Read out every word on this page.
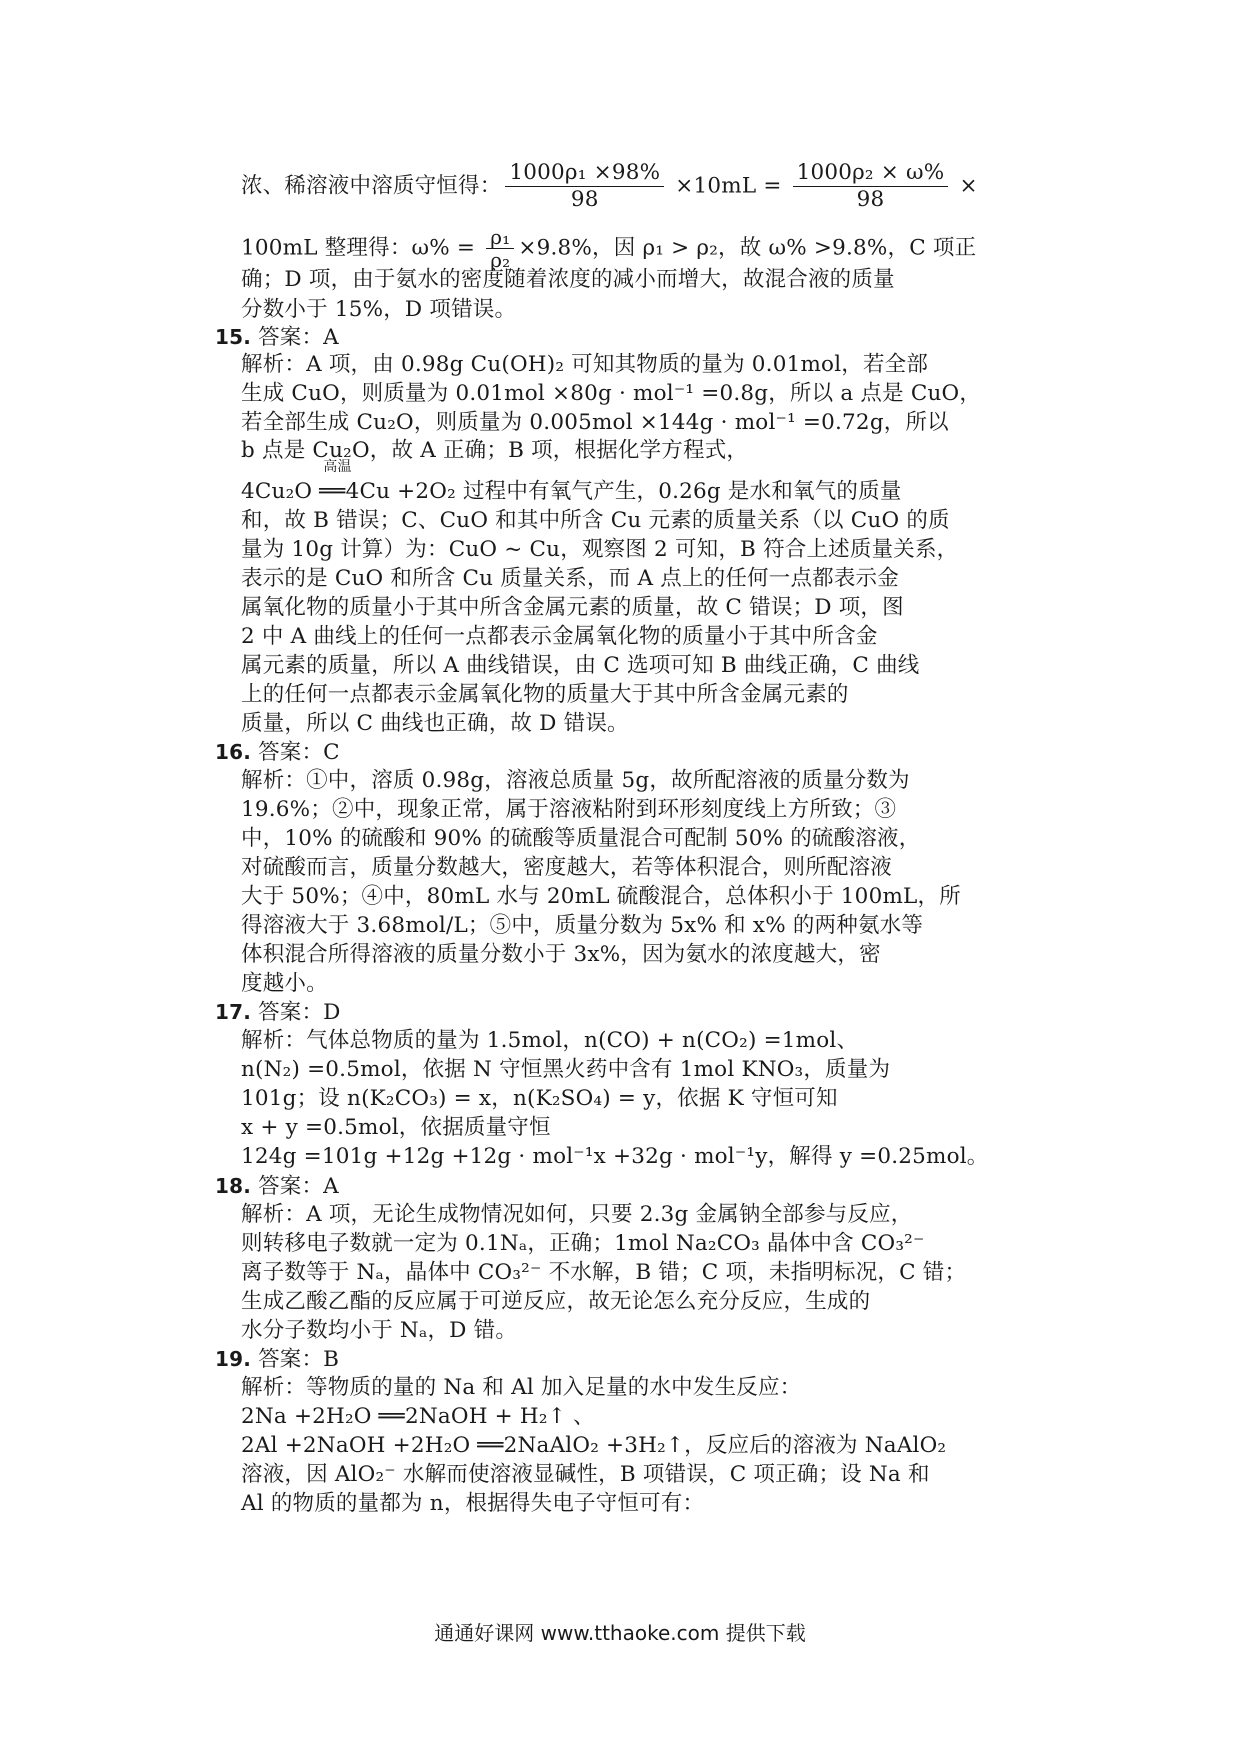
浓、稀溶液中溶质守恒得： $\frac{\text{1000ρ₁ ×98\%}}{98} \times 10mL = \frac{\text{1000ρ₂ × ω\%}}{98}$ ×
100mL 整理得：$\omega\% = \frac{\text{ρ₁}}{\text{ρ₂}} \times 9.8\%$，因 ρ₁ > ρ₂，故 ω% >9.8%，C 项正
确；D 项，由于氨水的密度随着浓度的减小而增大，故混合液的质量
分数小于 15%，D 项错误。
15. 答案：A
解析：A 项，由 0.98g Cu(OH)₂ 可知其物质的量为 0.01mol，若全部
生成 CuO，则质量为 0.01mol ×80g · mol⁻¹ =0.8g，所以 a 点是 CuO，
若全部生成 Cu₂O，则质量为 0.005mol ×144g · mol⁻¹ =0.72g，所以
b 点是 Cu₂O，故 A 正确；B 项，根据化学方程式，
4Cu₂O
高温
══4Cu +2O₂ 过程中有氧气产生，0.26g 是水和氧气的质量
和，故 B 错误；C、CuO 和其中所含 Cu 元素的质量关系（以 CuO 的质
量为 10g 计算）为：CuO ~ Cu，观察图 2 可知，B 符合上述质量关系，
表示的是 CuO 和所含 Cu 质量关系，而 A 点上的任何一点都表示金
属氧化物的质量小于其中所含金属元素的质量，故 C 错误；D 项，图
2 中 A 曲线上的任何一点都表示金属氧化物的质量小于其中所含金
属元素的质量，所以 A 曲线错误，由 C 选项可知 B 曲线正确，C 曲线
上的任何一点都表示金属氧化物的质量大于其中所含金属元素的
质量，所以 C 曲线也正确，故 D 错误。
16. 答案：C
解析：①中，溶质 0.98g，溶液总质量 5g，故所配溶液的质量分数为
19.6%；②中，现象正常，属于溶液粘附到环形刻度线上方所致；③
中，10% 的硫酸和 90% 的硫酸等质量混合可配制 50% 的硫酸溶液，
对硫酸而言，质量分数越大，密度越大，若等体积混合，则所配溶液
大于 50%；④中，80mL 水与 20mL 硫酸混合，总体积小于 100mL，所
得溶液大于 3.68mol/L；⑤中，质量分数为 5x% 和 x% 的两种氨水等
体积混合所得溶液的质量分数小于 3x%，因为氨水的浓度越大，密
度越小。
17. 答案：D
解析：气体总物质的量为 1.5mol，n(CO) + n(CO₂) =1mol、
n(N₂) =0.5mol，依据 N 守恒黑火药中含有 1mol KNO₃，质量为
101g；设 n(K₂CO₃) = x，n(K₂SO₄) = y，依据 K 守恒可知
x + y =0.5mol，依据质量守恒
124g =101g +12g +12g · mol⁻¹x +32g · mol⁻¹y，解得 y =0.25mol。
18. 答案：A
解析：A 项，无论生成物情况如何，只要 2.3g 金属钠全部参与反应，
则转移电子数就一定为 0.1Nₐ，正确；1mol Na₂CO₃ 晶体中含 CO₃²⁻
离子数等于 Nₐ，晶体中 CO₃²⁻ 不水解，B 错；C 项，未指明标况，C 错；
生成乙酸乙酯的反应属于可逆反应，故无论怎么充分反应，生成的
水分子数均小于 Nₐ，D 错。
19. 答案：B
解析：等物质的量的 Na 和 Al 加入足量的水中发生反应：
2Na +2H₂O ══2NaOH + H₂↑ 、
2Al +2NaOH +2H₂O ══2NaAlO₂ +3H₂↑，反应后的溶液为 NaAlO₂
溶液，因 AlO₂⁻ 水解而使溶液显碱性，B 项错误，C 项正确；设 Na 和
Al 的物质的量都为 n，根据得失电子守恒可有：
通通好课网 www.tthaoke.com 提供下载
